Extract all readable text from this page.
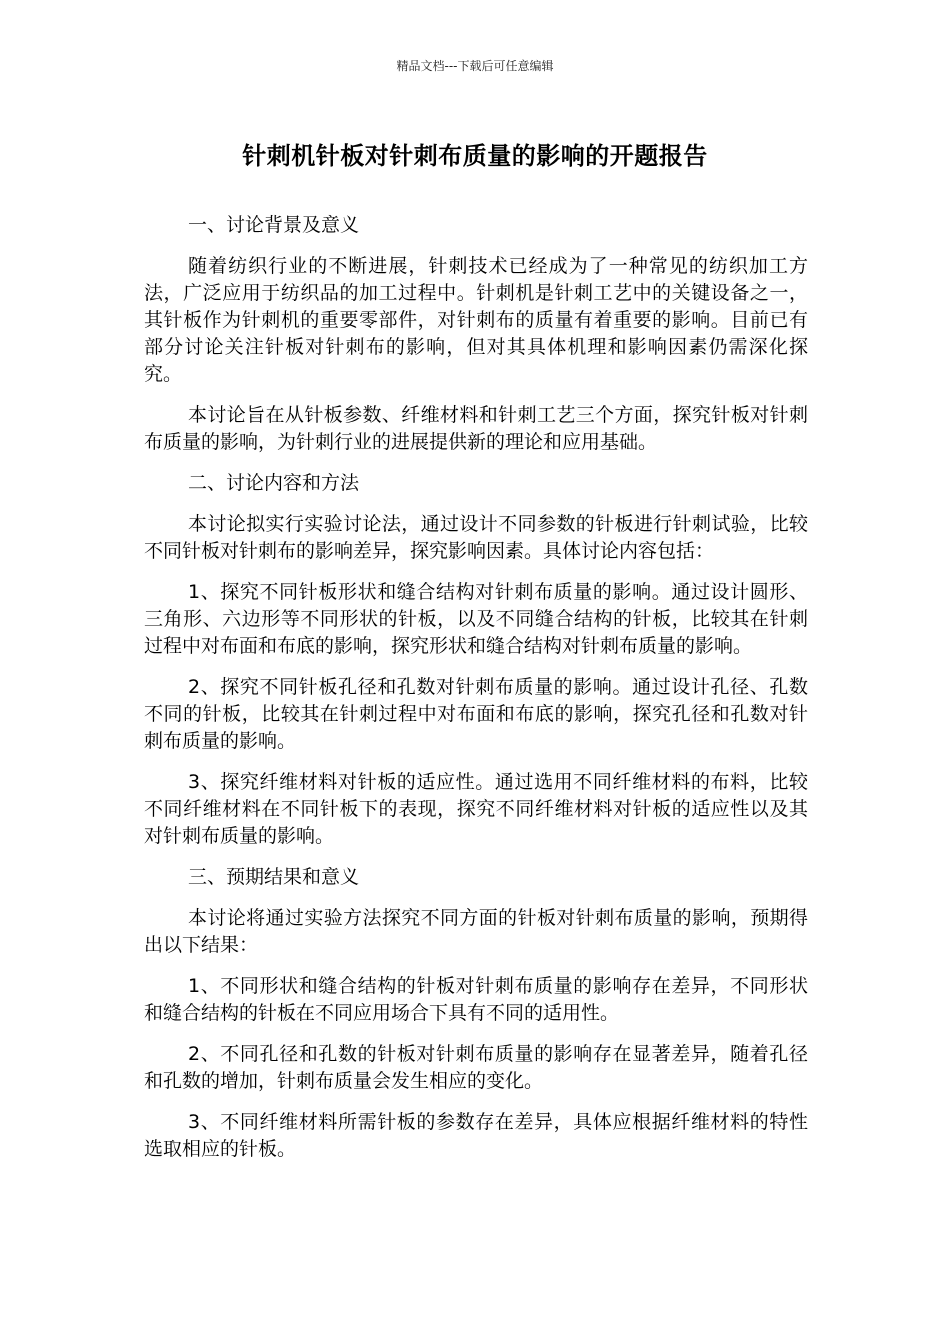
精品文档---下载后可任意编辑
针刺机针板对针刺布质量的影响的开题报告

一、讨论背景及意义

随着纺织行业的不断进展，针刺技术已经成为了一种常见的纺织加工方法，广泛应用于纺织品的加工过程中。针刺机是针刺工艺中的关键设备之一，其针板作为针刺机的重要零部件，对针刺布的质量有着重要的影响。目前已有部分讨论关注针板对针刺布的影响，但对其具体机理和影响因素仍需深化探究。

本讨论旨在从针板参数、纤维材料和针刺工艺三个方面，探究针板对针刺布质量的影响，为针刺行业的进展提供新的理论和应用基础。

二、讨论内容和方法

本讨论拟实行实验讨论法，通过设计不同参数的针板进行针刺试验，比较不同针板对针刺布的影响差异，探究影响因素。具体讨论内容包括：

1、探究不同针板形状和缝合结构对针刺布质量的影响。通过设计圆形、三角形、六边形等不同形状的针板，以及不同缝合结构的针板，比较其在针刺过程中对布面和布底的影响，探究形状和缝合结构对针刺布质量的影响。

2、探究不同针板孔径和孔数对针刺布质量的影响。通过设计孔径、孔数不同的针板，比较其在针刺过程中对布面和布底的影响，探究孔径和孔数对针刺布质量的影响。

3、探究纤维材料对针板的适应性。通过选用不同纤维材料的布料，比较不同纤维材料在不同针板下的表现，探究不同纤维材料对针板的适应性以及其对针刺布质量的影响。

三、预期结果和意义

本讨论将通过实验方法探究不同方面的针板对针刺布质量的影响，预期得出以下结果：

1、不同形状和缝合结构的针板对针刺布质量的影响存在差异，不同形状和缝合结构的针板在不同应用场合下具有不同的适用性。

2、不同孔径和孔数的针板对针刺布质量的影响存在显著差异，随着孔径和孔数的增加，针刺布质量会发生相应的变化。

3、不同纤维材料所需针板的参数存在差异，具体应根据纤维材料的特性选取相应的针板。
